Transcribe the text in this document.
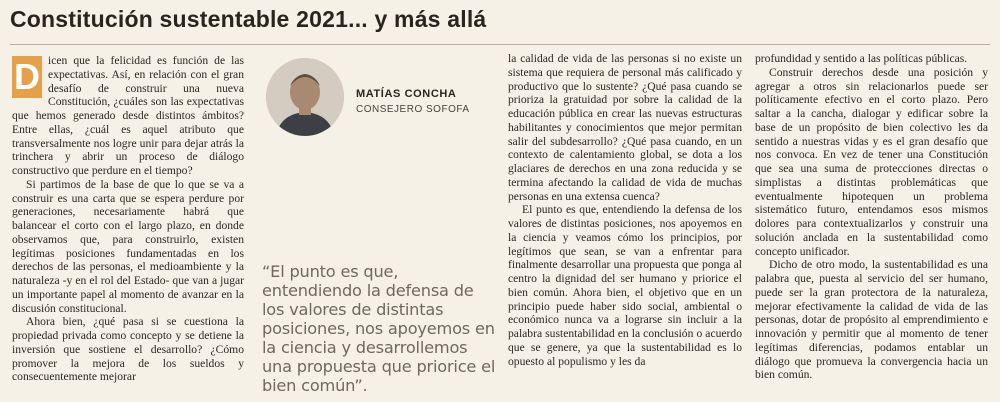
Constitución sustentable 2021... y más allá

D icen que la felicidad es función de las expectativas. Así, en relación con el gran desafío de construir una nueva Constitución, ¿cuáles son las expectativas que hemos generado desde distintos ámbitos? Entre ellas, ¿cuál es aquel atributo que transversalmente nos logre unir para dejar atrás la trinchera y abrir un proceso de diálogo constructivo que perdure en el tiempo?

Si partimos de la base de que lo que se va a construir es una carta que se espera perdure por generaciones, necesariamente habrá que balancear el corto con el largo plazo, en donde observamos que, para construirlo, existen legítimas posiciones fundamentadas en los derechos de las personas, el medioambiente y la naturaleza -y en el rol del Estado- que van a jugar un importante papel al momento de avanzar en la discusión constitucional.

Ahora bien, ¿qué pasa si se cuestiona la propiedad privada como concepto y se detiene la inversión que sostiene el desarrollo? ¿Cómo promover la mejora de los sueldos y consecuentemente mejorar

MATÍAS CONCHA
CONSEJERO SOFOFA
“El punto es que, entendiendo la defensa de los valores de distintas posiciones, nos apoyemos en la ciencia y desarrollemos una propuesta que priorice el bien común”.

la calidad de vida de las personas si no existe un sistema que requiera de personal más calificado y productivo que lo sustente? ¿Qué pasa cuando se prioriza la gratuidad por sobre la calidad de la educación pública en crear las nuevas estructuras habilitantes y conocimientos que mejor permitan salir del subdesarrollo? ¿Qué pasa cuando, en un contexto de calentamiento global, se dota a los glaciares de derechos en una zona reducida y se termina afectando la calidad de vida de muchas personas en una extensa cuenca?

El punto es que, entendiendo la defensa de los valores de distintas posiciones, nos apoyemos en la ciencia y veamos cómo los principios, por legítimos que sean, se van a enfrentar para finalmente desarrollar una propuesta que ponga al centro la dignidad del ser humano y priorice el bien común. Ahora bien, el objetivo que en un principio puede haber sido social, ambiental o económico nunca va a lograrse sin incluir a la palabra sustentabilidad en la conclusión o acuerdo que se genere, ya que la sustentabilidad es lo opuesto al populismo y les da

profundidad y sentido a las políticas públicas.

Construir derechos desde una posición y agregar a otros sin relacionarlos puede ser políticamente efectivo en el corto plazo. Pero saltar a la cancha, dialogar y edificar sobre la base de un propósito de bien colectivo les da sentido a nuestras vidas y es el gran desafío que nos convoca. En vez de tener una Constitución que sea una suma de protecciones directas o simplistas a distintas problemáticas que eventualmente hipotequen un problema sistemático futuro, entendamos esos mismos dolores para contextualizarlos y construir una solución anclada en la sustentabilidad como concepto unificador.

Dicho de otro modo, la sustentabilidad es una palabra que, puesta al servicio del ser humano, puede ser la gran protectora de la naturaleza, mejorar efectivamente la calidad de vida de las personas, dotar de propósito al emprendimiento e innovación y permitir que al momento de tener legítimas diferencias, podamos entablar un diálogo que promueva la convergencia hacia un bien común.
